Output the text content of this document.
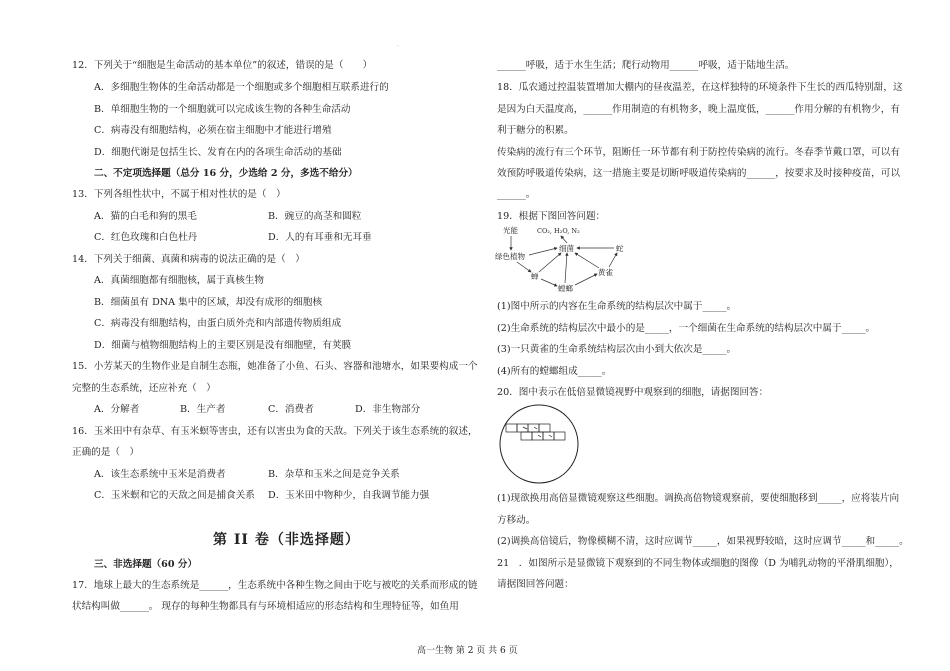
.
12．下列关于“细胞是生命活动的基本单位”的叙述，错误的是（　　）
A．多细胞生物体的生命活动都是一个细胞或多个细胞相互联系进行的
B．单细胞生物的一个细胞就可以完成该生物的各种生命活动
C．病毒没有细胞结构，必须在宿主细胞中才能进行增殖
D．细胞代谢是包括生长、发育在内的各项生命活动的基础
二、不定项选择题（总分 16 分，少选给 2 分，多选不给分）
13．下列各组性状中，不属于相对性状的是（　）
A．猫的白毛和狗的黑毛	B．豌豆的高茎和圆粒
C．红色玫瑰和白色杜丹	D．人的有耳垂和无耳垂
14．下列关于细菌、真菌和病毒的说法正确的是（　）
A．真菌细胞都有细胞核，属于真核生物
B．细菌虽有 DNA 集中的区域，却没有成形的细胞核
C．病毒没有细胞结构，由蛋白质外壳和内部遗传物质组成
D．细菌与植物细胞结构上的主要区别是没有细胞壁，有荚膜
15．小芳某天的生物作业是自制生态瓶，她准备了小鱼、石头、容器和池塘水，如果要构成一个
完整的生态系统，还应补充（　）
A．分解者	B．生产者	C．消费者	D．非生物部分
16．玉米田中有杂草、有玉米螟等害虫，还有以害虫为食的天敌。下列关于该生态系统的叙述，
正确的是（　）
A．该生态系统中玉米是消费者	B．杂草和玉米之间是竞争关系
C．玉米螟和它的天敌之间是捕食关系 D．玉米田中物种少，自我调节能力强
第 II 卷（非选择题）
三、非选择题（60 分）
17．地球上最大的生态系统是______，生态系统中各种生物之间由于吃与被吃的关系而形成的链
状结构叫做______。 现存的每种生物都具有与环境相适应的形态结构和生理特征等，如鱼用
______呼吸，适于水生生活；爬行动物用______呼吸，适于陆地生活。
18．瓜农通过控温装置增加大棚内的昼夜温差，在这样独特的环境条件下生长的西瓜特别甜，这
是因为白天温度高，______作用制造的有机物多，晚上温度低，______作用分解的有机物少，有
利于糖分的积累。
传染病的流行有三个环节，阻断任一环节都有利于防控传染病的流行。冬春季节戴口罩，可以有
效预防呼吸道传染病，这一措施主要是切断呼吸道传染病的______，按要求及时接种疫苗，可以
______。
19．根据下图回答问题：
光能	CO₂, H₂O, N₂
绿色植物
细菌	蛇
蝉	黄雀
螳螂
(1)图中所示的内容在生命系统的结构层次中属于_____。
(2)生命系统的结构层次中最小的是_____，一个细菌在生命系统的结构层次中属于_____。
(3)一只黄雀的生命系统结构层次由小到大依次是_____。
(4)所有的螳螂组成_____。
20．图中表示在低倍显微镜视野中观察到的细胞，请据图回答：
(1)现欲换用高倍显微镜观察这些细胞。调换高倍物镜观察前，要使细胞移到_____，应将装片向
方移动。
(2)调换高倍镜后，物像模糊不清，这时应调节_____，如果视野较暗，这时应调节_____和_____。
21　．如图所示是显微镜下观察到的不同生物体或细胞的图像（D 为哺乳动物的平滑肌细胞），
请据图回答问题：
高一生物 第 2 页 共 6 页
